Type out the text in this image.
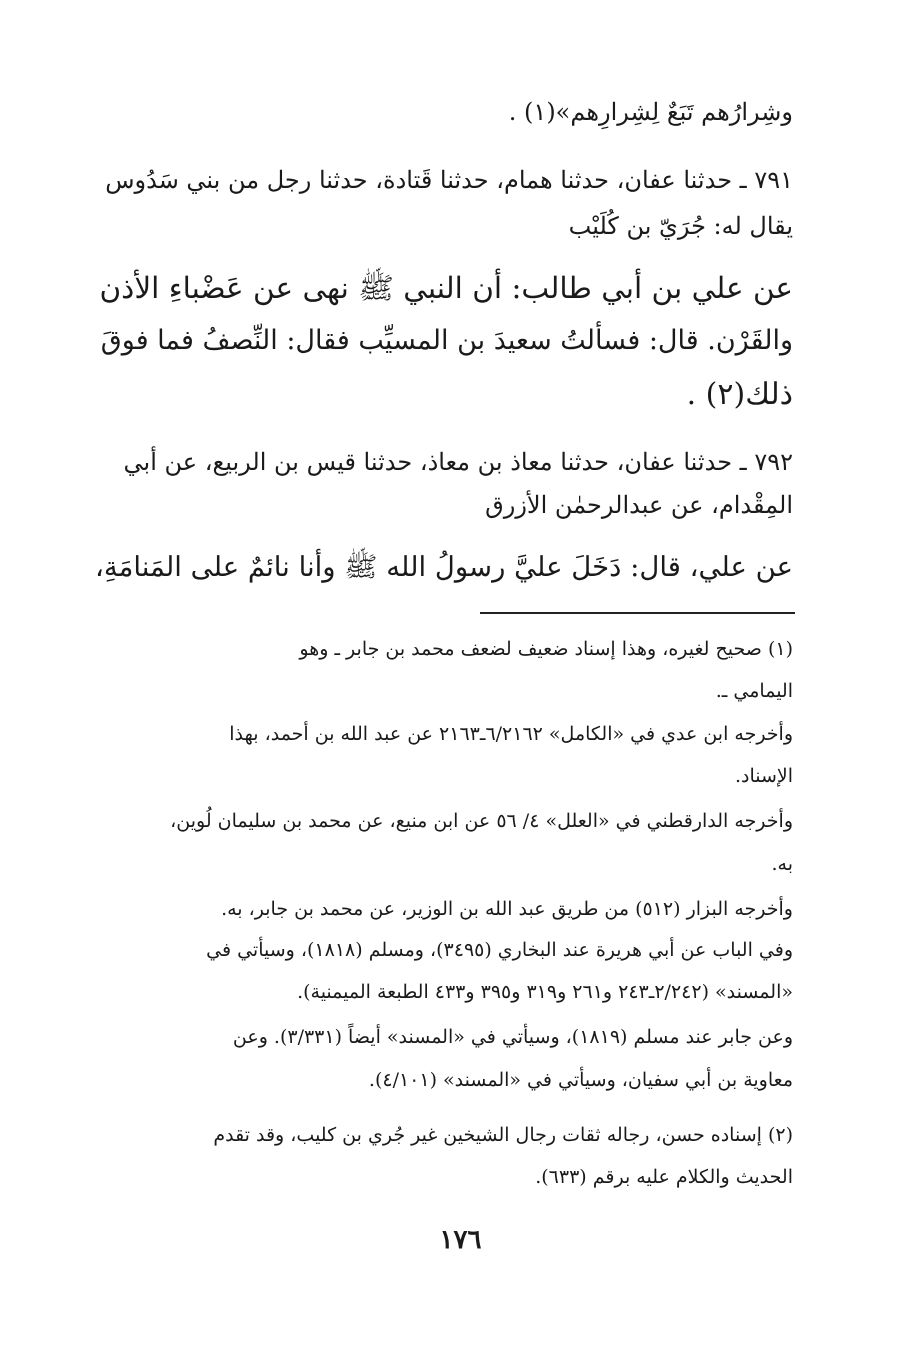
وشِرارُهم تَبَعٌ لِشِرارِهم»(١) .
٧٩١ ـ حدثنا عفان، حدثنا همام، حدثنا قَتادة، حدثنا رجل من بني سَدُوس
يقال له: جُرَيّ بن كُلَيْب
عن علي بن أبي طالب: أن النبي ﷺ نهى عن عَضْباءِ الأذن
والقَرْن. قال: فسألتُ سعيدَ بن المسيِّب فقال: النِّصفُ فما فوقَ
ذلك(٢) .
٧٩٢ ـ حدثنا عفان، حدثنا معاذ بن معاذ، حدثنا قيس بن الربيع، عن أبي
المِقْدام، عن عبدالرحمٰن الأزرق
عن علي، قال: دَخَلَ عليَّ رسولُ الله ﷺ وأنا نائمٌ على المَنامَةِ،
(١) صحيح لغيره، وهذا إسناد ضعيف لضعف محمد بن جابر ـ وهو
اليمامي ـ.
وأخرجه ابن عدي في «الكامل» ٦/٢١٦٢ـ٢١٦٣ عن عبد الله بن أحمد، بهذا
الإسناد.
وأخرجه الدارقطني في «العلل» ٤/ ٥٦ عن ابن منيع، عن محمد بن سليمان لُوين،
به.
وأخرجه البزار (٥١٢) من طريق عبد الله بن الوزير، عن محمد بن جابر، به.
وفي الباب عن أبي هريرة عند البخاري (٣٤٩٥)، ومسلم (١٨١٨)، وسيأتي في
«المسند» (٢/٢٤٢ـ٢٤٣ و٢٦١ و٣١٩ و٣٩٥ و٤٣٣ الطبعة الميمنية).
وعن جابر عند مسلم (١٨١٩)، وسيأتي في «المسند» أيضاً (٣/٣٣١). وعن
معاوية بن أبي سفيان، وسيأتي في «المسند» (٤/١٠١).
(٢) إسناده حسن، رجاله ثقات رجال الشيخين غير جُري بن كليب، وقد تقدم
الحديث والكلام عليه برقم (٦٣٣).
١٧٦
